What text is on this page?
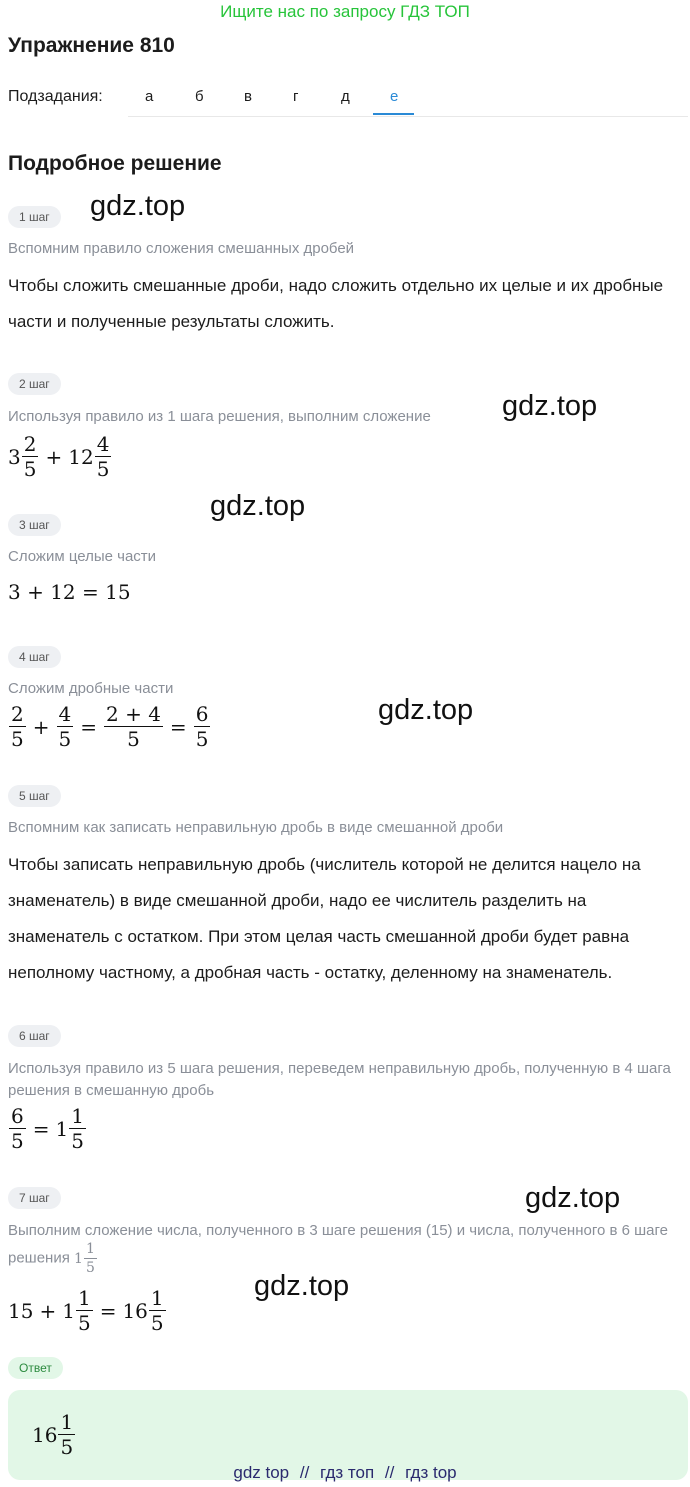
Ищите нас по запросу ГДЗ ТОП
Упражнение 810
Подзадания:	а	б	в	г	д	е
Подробное решение
1 шаг
Вспомним правило сложения смешанных дробей
Чтобы сложить смешанные дроби, надо сложить отдельно их целые и их дробные части и полученные результаты сложить.
2 шаг
Используя правило из 1 шага решения, выполним сложение
$3 \frac{2}{5} + 12 \frac{4}{5}$
3 шаг
Сложим целые части
3 + 12 = 15
4 шаг
Сложим дробные части
$\frac{2}{5} + \frac{4}{5} = \frac{2 + 4}{5} = \frac{6}{5}$
5 шаг
Вспомним как записать неправильную дробь в виде смешанной дроби
Чтобы записать неправильную дробь (числитель которой не делится нацело на знаменатель) в виде смешанной дроби, надо ее числитель разделить на знаменатель с остатком. При этом целая часть смешанной дроби будет равна неполному частному, а дробная часть - остатку, деленному на знаменатель.
6 шаг
Используя правило из 5 шага решения, переведем неправильную дробь, полученную в 4 шага решения в смешанную дробь
$\frac{6}{5} = 1 \frac{1}{5}$
7 шаг
Выполним сложение числа, полученного в 3 шаге решения (15) и числа, полученного в 6 шаге решения $1 \frac{1}{5}$
$15 + 1 \frac{1}{5} = 16 \frac{1}{5}$
Ответ
$16 \frac{1}{5}$
gdz.top
gdz.top
gdz.top
gdz.top
gdz.top
gdz.top
gdz top // гдз топ // гдз top
